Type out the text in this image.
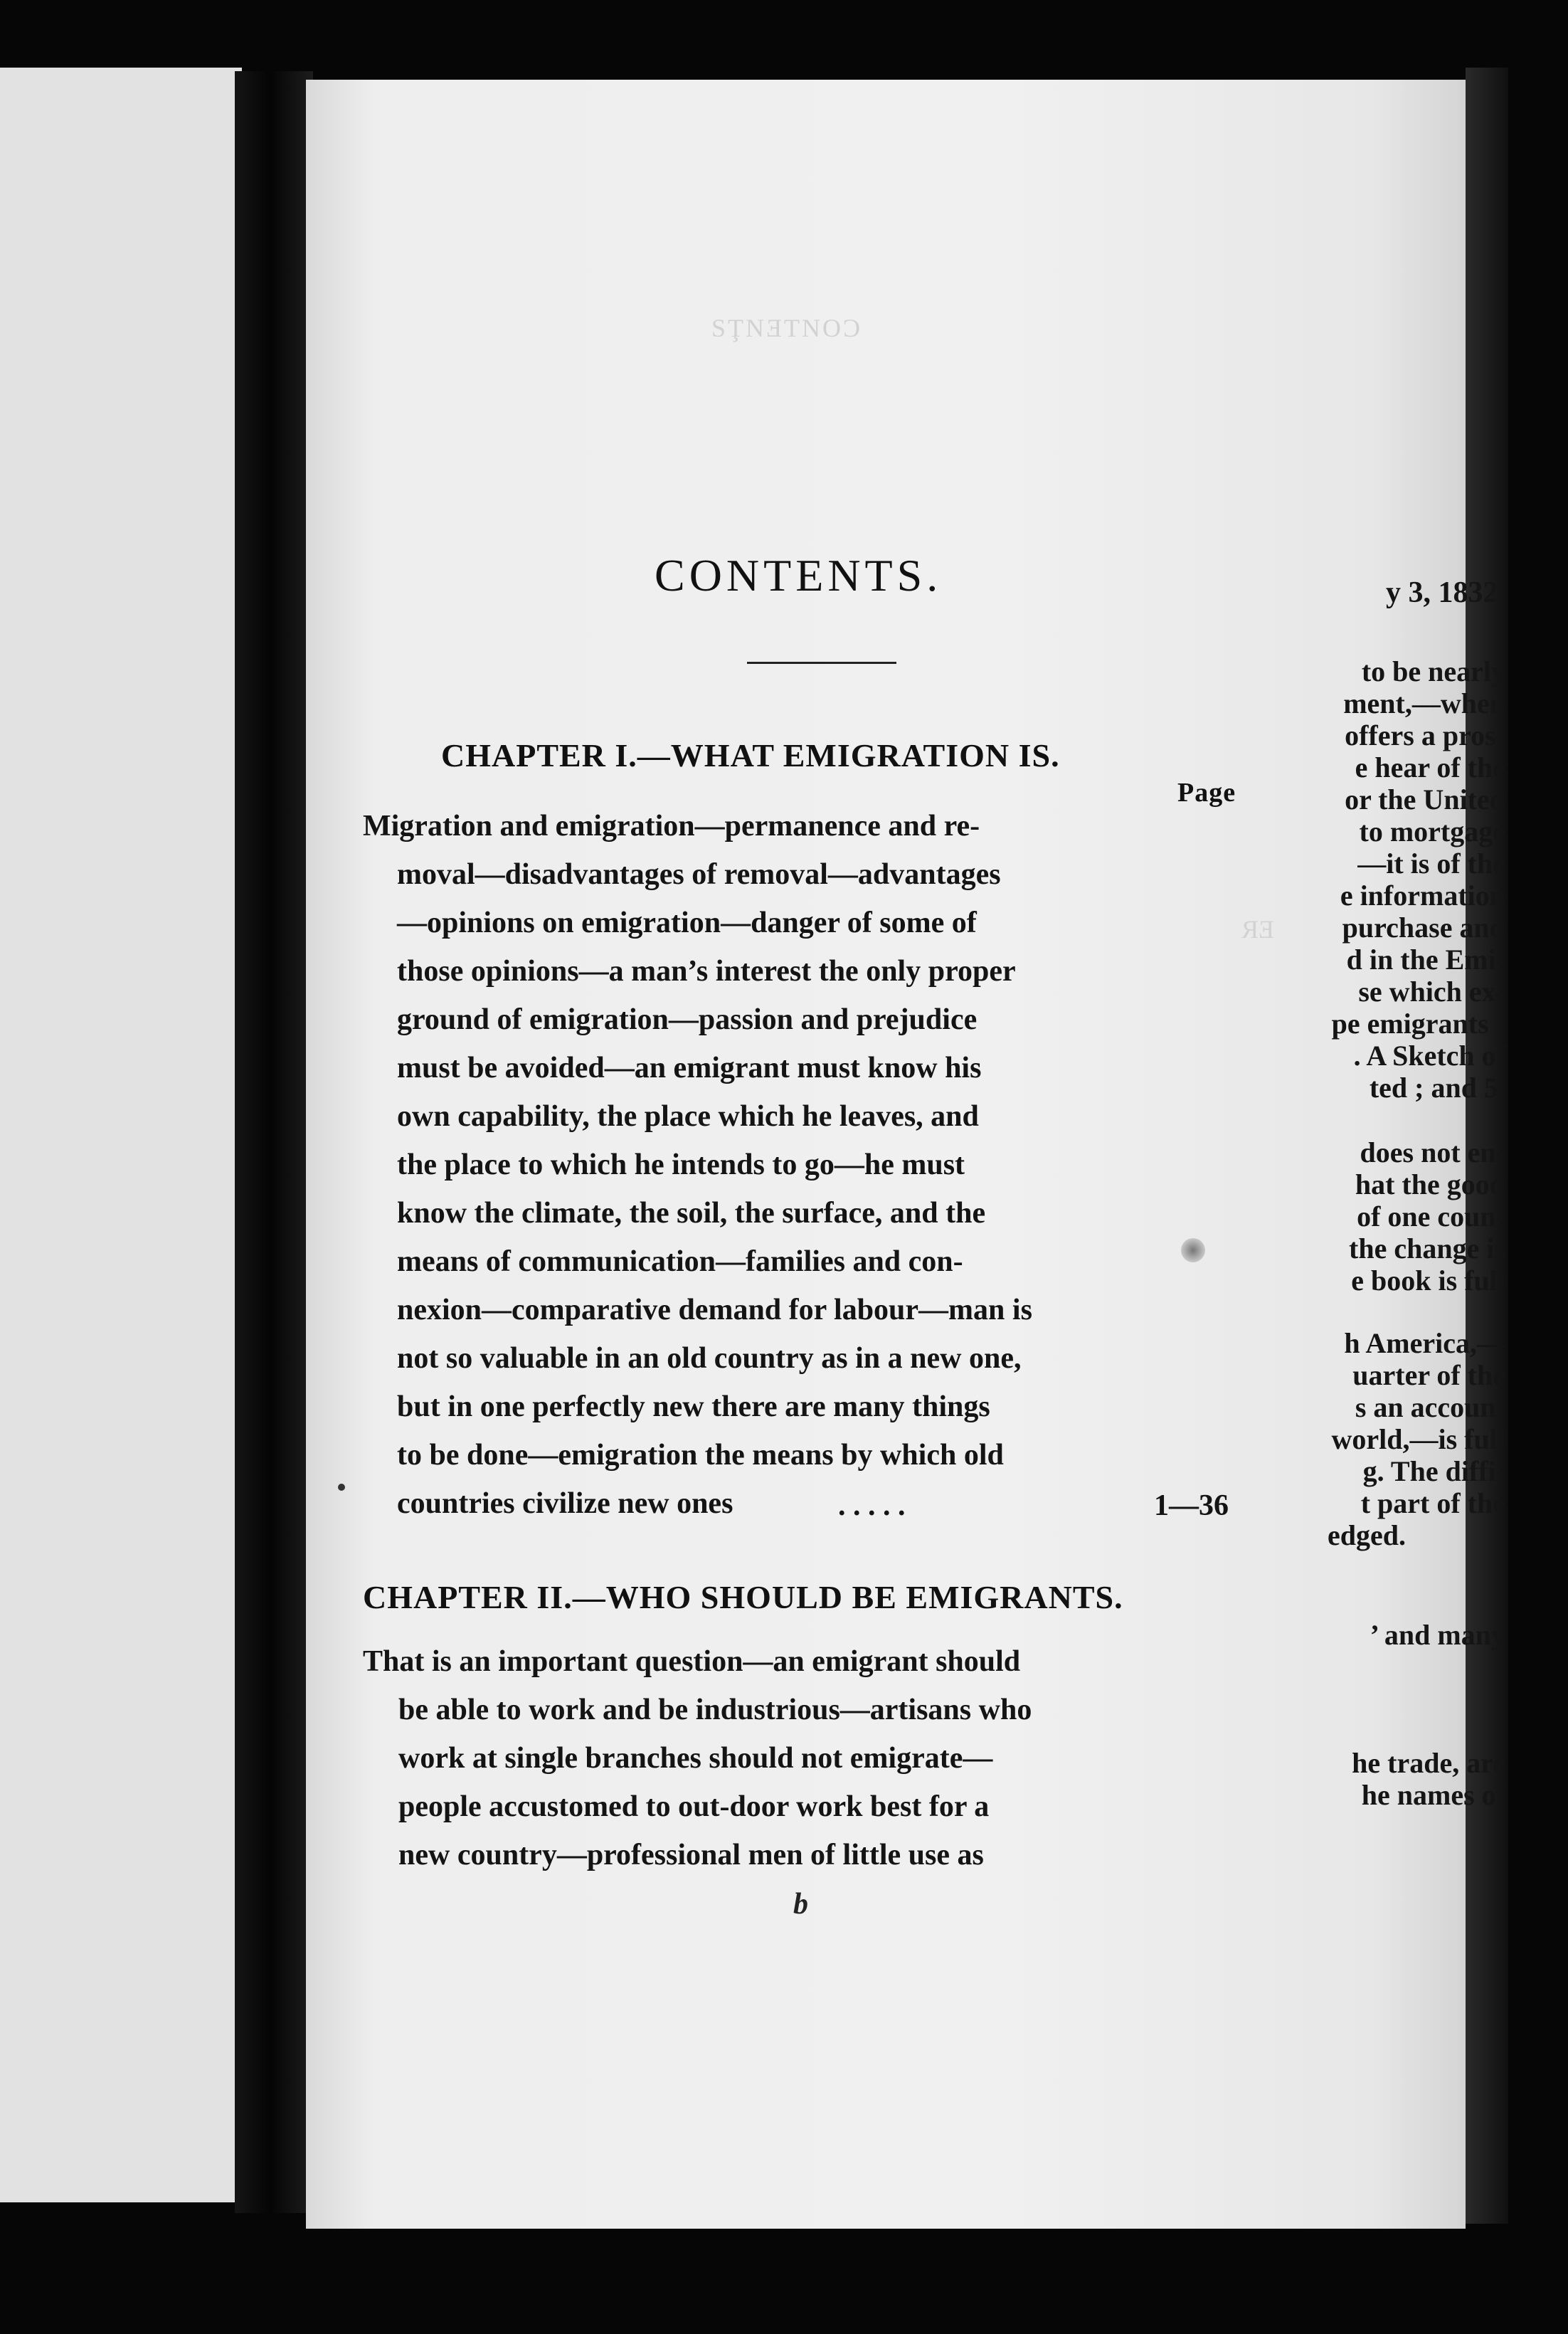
SŢNƎTNOƆ
ЯƎ
y 3, 1832.
to be nearly
ment,—when
offers a pros-
e hear of the
or the United
to mortgage
—it is of the
e information
purchase and
d in the Emi-
se which ex-
pe emigrants ;
. A Sketch of
ted ; and 5.
does not en-
hat the good
of one coun-
the change is
e book is full
h America,—
uarter of the
s an account
world,—is full
g. The diffi-
t part of the
edged.
’ and many
he trade, are
he names of
CONTENTS.
CHAPTER I.—WHAT EMIGRATION IS.
Page
Migration and emigration—permanence and re-
moval—disadvantages of removal—advantages
—opinions on emigration—danger of some of
those opinions—a man’s interest the only proper
ground of emigration—passion and prejudice
must be avoided—an emigrant must know his
own capability, the place which he leaves, and
the place to which he intends to go—he must
know the climate, the soil, the surface, and the
means of communication—families and con-
nexion—comparative demand for labour—man is
not so valuable in an old country as in a new one,
but in one perfectly new there are many things
to be done—emigration the means by which old
countries civilize new ones	. . . . .	1—36
CHAPTER II.—WHO SHOULD BE EMIGRANTS.
That is an important question—an emigrant should
be able to work and be industrious—artisans who
work at single branches should not emigrate—
people accustomed to out-door work best for a
new country—professional men of little use as
b
